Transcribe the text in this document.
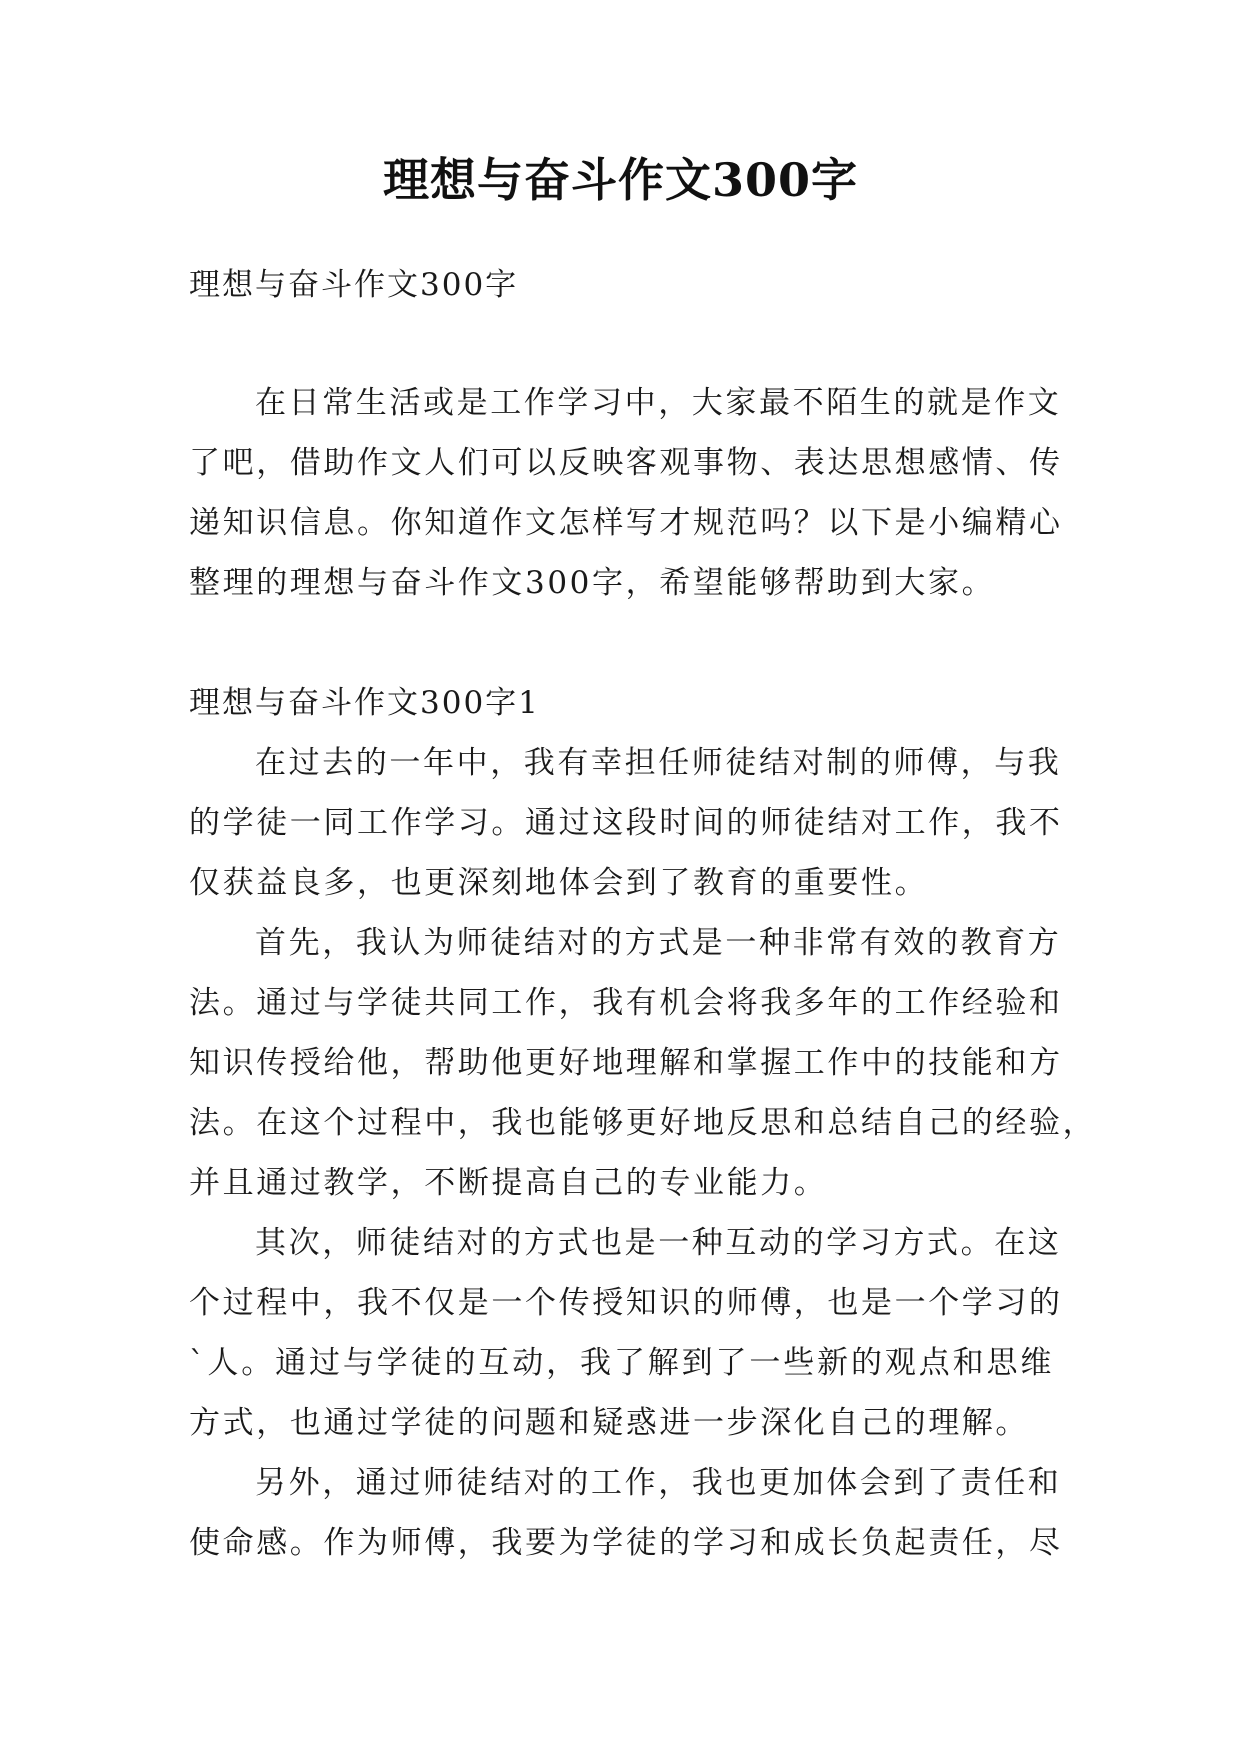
理想与奋斗作文300字

理想与奋斗作文300字

在日常生活或是工作学习中，大家最不陌生的就是作文
了吧，借助作文人们可以反映客观事物、表达思想感情、传
递知识信息。你知道作文怎样写才规范吗？以下是小编精心
整理的理想与奋斗作文300字，希望能够帮助到大家。

理想与奋斗作文300字1

在过去的一年中，我有幸担任师徒结对制的师傅，与我
的学徒一同工作学习。通过这段时间的师徒结对工作，我不
仅获益良多，也更深刻地体会到了教育的重要性。
首先，我认为师徒结对的方式是一种非常有效的教育方
法。通过与学徒共同工作，我有机会将我多年的工作经验和
知识传授给他，帮助他更好地理解和掌握工作中的技能和方
法。在这个过程中，我也能够更好地反思和总结自己的经验，
并且通过教学，不断提高自己的专业能力。
其次，师徒结对的方式也是一种互动的学习方式。在这
个过程中，我不仅是一个传授知识的师傅，也是一个学习的
`人。通过与学徒的互动，我了解到了一些新的观点和思维
方式，也通过学徒的问题和疑惑进一步深化自己的理解。
另外，通过师徒结对的工作，我也更加体会到了责任和
使命感。作为师傅，我要为学徒的学习和成长负起责任，尽
